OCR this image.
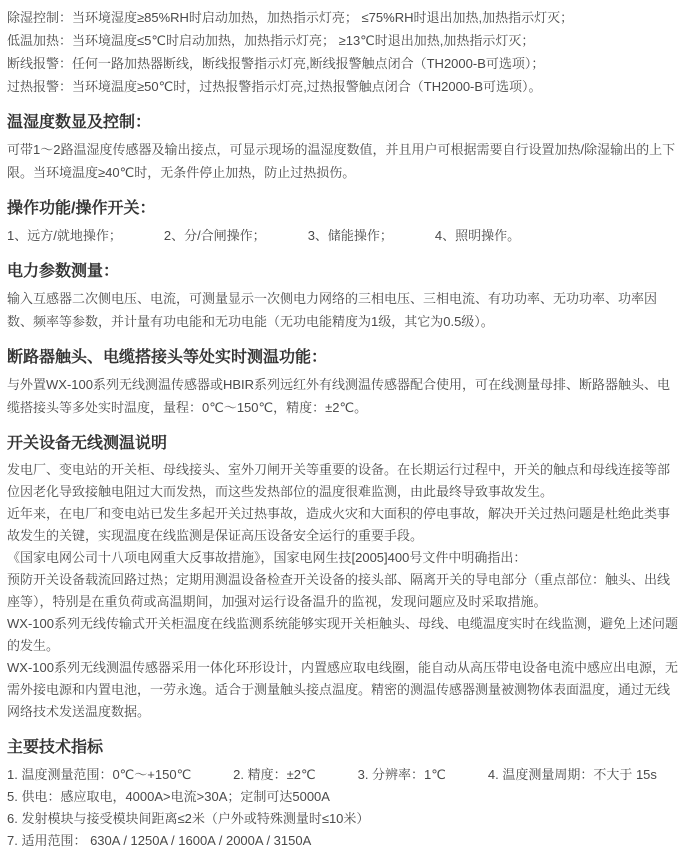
除湿控制：当环境湿度≥85%RH时启动加热，加热指示灯亮； ≤75%RH时退出加热,加热指示灯灭；

低温加热：当环境温度≤5℃时启动加热，加热指示灯亮； ≥13℃时退出加热,加热指示灯灭；

断线报警：任何一路加热器断线，断线报警指示灯亮,断线报警触点闭合（TH2000-B可选项）；

过热报警：当环境温度≥50℃时，过热报警指示灯亮,过热报警触点闭合（TH2000-B可选项）。

温湿度数显及控制：

可带1～2路温湿度传感器及输出接点，可显示现场的温湿度数值，并且用户可根据需要自行设置加热/除湿输出的上下限。当环境温度≥40℃时，无条件停止加热，防止过热损伤。

操作功能/操作开关：
1、远方/就地操作；	2、分/合闸操作；	3、储能操作；	4、照明操作。
电力参数测量：

输入互感器二次侧电压、电流，可测量显示一次侧电力网络的三相电压、三相电流、有功功率、无功功率、功率因数、频率等参数，并计量有功电能和无功电能（无功电能精度为1级，其它为0.5级）。

断路器触头、电缆搭接头等处实时测温功能：

与外置WX-100系列无线测温传感器或HBIR系列远红外有线测温传感器配合使用，可在线测量母排、断路器触头、电缆搭接头等多处实时温度，量程：0℃～150℃，精度：±2℃。

开关设备无线测温说明

发电厂、变电站的开关柜、母线接头、室外刀闸开关等重要的设备。在长期运行过程中，开关的触点和母线连接等部位因老化导致接触电阻过大而发热，而这些发热部位的温度很难监测，由此最终导致事故发生。

近年来，在电厂和变电站已发生多起开关过热事故，造成火灾和大面积的停电事故，解决开关过热问题是杜绝此类事故发生的关键，实现温度在线监测是保证高压设备安全运行的重要手段。

《国家电网公司十八项电网重大反事故措施》，国家电网生技[2005]400号文件中明确指出：

预防开关设备载流回路过热；定期用测温设备检查开关设备的接头部、隔离开关的导电部分（重点部位：触头、出线座等），特别是在重负荷或高温期间，加强对运行设备温升的监视，发现问题应及时采取措施。

WX-100系列无线传输式开关柜温度在线监测系统能够实现开关柜触头、母线、电缆温度实时在线监测，避免上述问题的发生。

WX-100系列无线测温传感器采用一体化环形设计，内置感应取电线圈，能自动从高压带电设备电流中感应出电源，无需外接电源和内置电池，一劳永逸。适合于测量触头接点温度。精密的测温传感器测量被测物体表面温度，通过无线网络技术发送温度数据。

主要技术指标
1. 温度测量范围：0℃～+150℃	2. 精度：±2℃	3. 分辨率：1℃	4. 温度测量周期：不大于 15s

5. 供电：感应取电，4000A>电流>30A；定制可达5000A

6. 发射模块与接受模块间距离≤2米（户外或特殊测量时≤10米）

7. 适用范围： 630A / 1250A / 1600A / 2000A / 3150A
